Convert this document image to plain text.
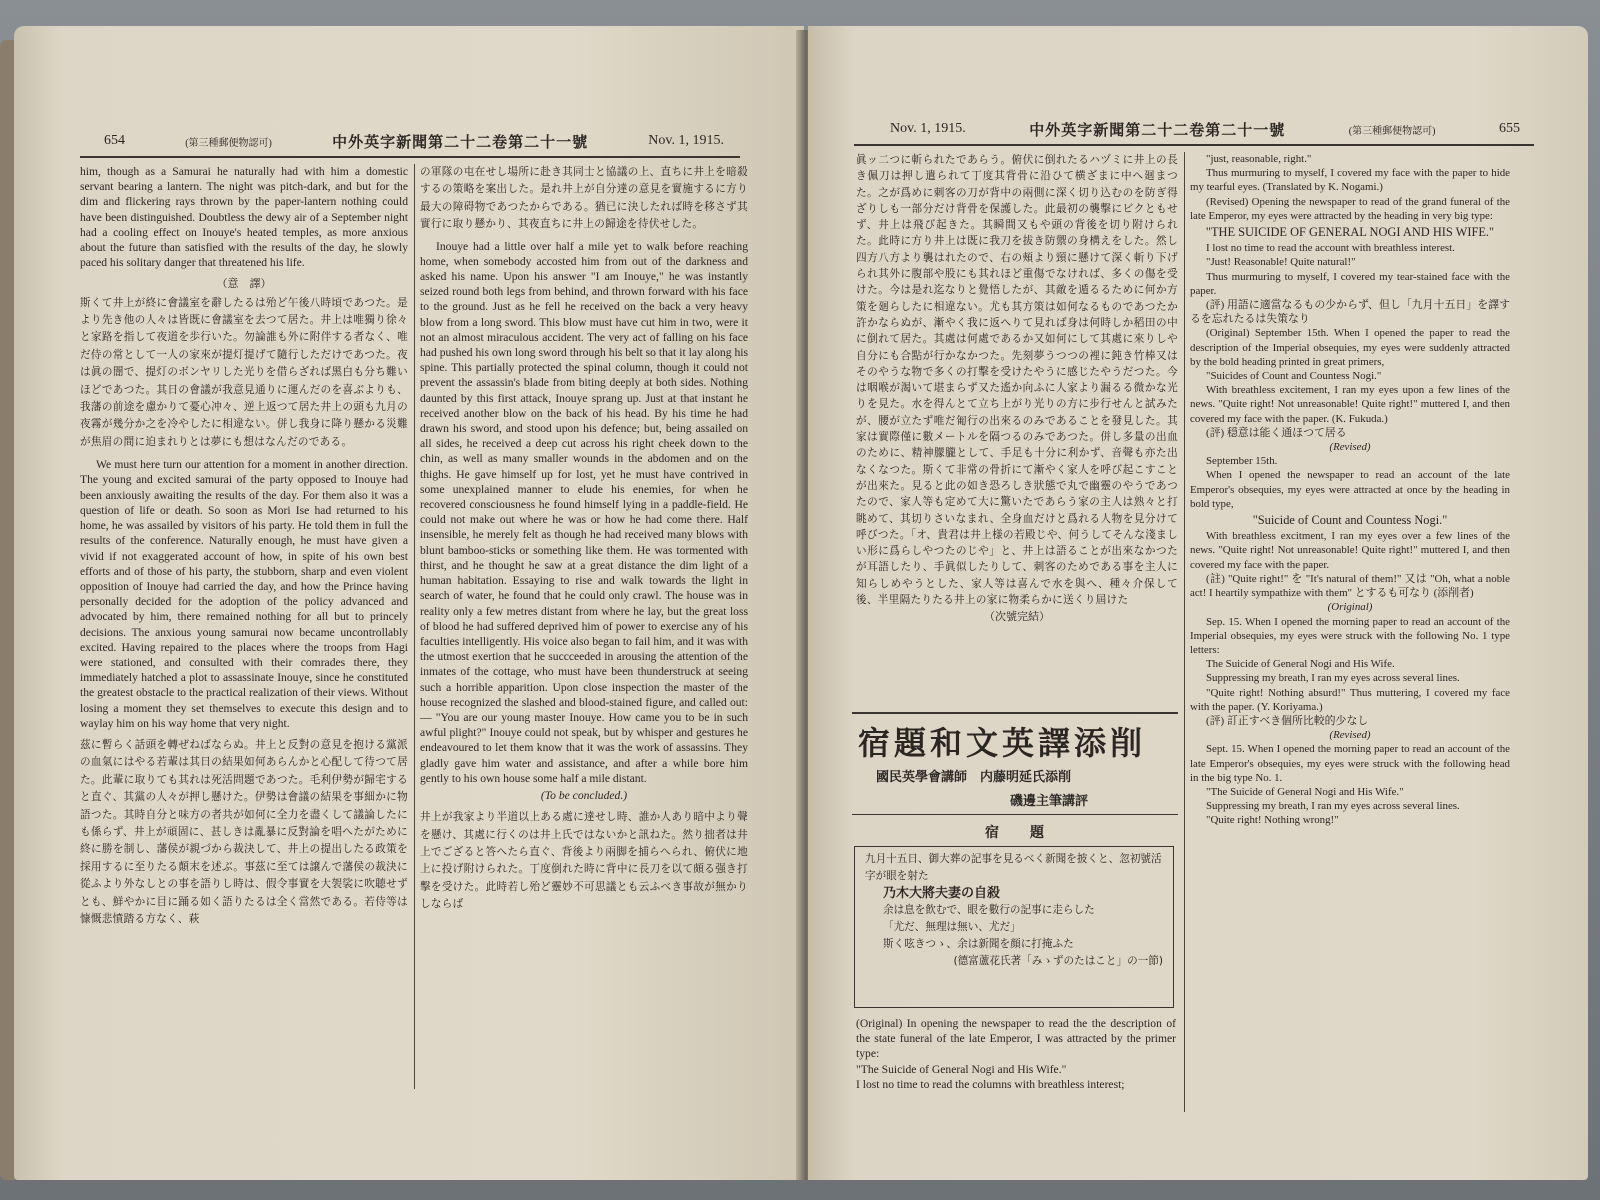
654	(第三種郵便物認可)	中外英字新聞第二十二卷第二十一號	Nov. 1, 1915.

him, though as a Samurai he naturally had with him a domestic servant bearing a lantern. The night was pitch-dark, and but for the dim and flickering rays thrown by the paper-lantern nothing could have been distinguished. Doubtless the dewy air of a September night had a cooling effect on Inouye's heated temples, as more anxious about the future than satisfied with the results of the day, he slowly paced his solitary danger that threatened his life.

（意　譯）
斯くて井上が終に會議室を辭したるは殆ど午後八時頃であつた。是より先き他の人々は皆既に會議室を去つて居た。井上は唯獨り徐々と家路を指して夜道を歩行いた。勿論誰も外に附伴する者なく、唯だ侍の常として一人の家來が提灯提げて隨行しただけであつた。夜は眞の闇で、提灯のボンヤリした光りを借らざれば黑白も分ち難いほどであつた。其日の會議が我意見通りに運んだのを喜ぶよりも、我藩の前途を慮かりて憂心冲々、逆上返つて居た井上の頭も九月の夜霧が幾分か之を冷やしたに相違ない。併し我身に降り懸かる災難が焦眉の間に迫まれりとは夢にも想はなんだのである。

We must here turn our attention for a moment in another direction. The young and excited samurai of the party opposed to Inouye had been anxiously awaiting the results of the day. For them also it was a question of life or death. So soon as Mori Ise had returned to his home, he was assailed by visitors of his party. He told them in full the results of the conference. Naturally enough, he must have given a vivid if not exaggerated account of how, in spite of his own best efforts and of those of his party, the stubborn, sharp and even violent opposition of Inouye had carried the day, and how the Prince having personally decided for the adoption of the policy advanced and advocated by him, there remained nothing for all but to princely decisions. The anxious young samurai now became uncontrollably excited. Having repaired to the places where the troops from Hagi were stationed, and consulted with their comrades there, they immediately hatched a plot to assassinate Inouye, since he constituted the greatest obstacle to the practical realization of their views. Without losing a moment they set themselves to execute this design and to waylay him on his way home that very night.

茲に暫らく話頭を轉ぜねばならぬ。井上と反對の意見を抱ける黨派の血氣にはやる若輩は其日の結果如何あらんかと心配して待つて居た。此輩に取りても其れは死活問題であつた。毛利伊勢が歸宅すると直ぐ、其黨の人々が押し懸けた。伊勢は會議の結果を事細かに物語つた。其時自分と味方の者共が如何に全力を盡くして議論したにも係らず、井上が頑固に、甚しきは亂暴に反對論を唱へたがために終に勝を制し、藩侯が親づから裁決して、井上の提出したる政策を採用するに至りたる顛末を述ぶ。事茲に至ては譲んで藩侯の裁決に從ふより外なしとの事を語りし時は、假令事實を大袈裟に吹聴せずとも、鮮やかに目に踊る如く語りたるは全く當然である。若侍等は慷慨悲憤踏る方なく、萩
の軍隊の屯在せし場所に赴き其同士と協議の上、直ちに井上を暗殺するの策略を案出した。是れ井上が自分達の意見を實施するに方り最大の障碍物であつたからである。猶已に決したれば時を移さず其實行に取り懸かり、其夜直ちに井上の歸途を待伏せした。

Inouye had a little over half a mile yet to walk before reaching home, when somebody accosted him from out of the darkness and asked his name. Upon his answer "I am Inouye," he was instantly seized round both legs from behind, and thrown forward with his face to the ground. Just as he fell he received on the back a very heavy blow from a long sword. This blow must have cut him in two, were it not an almost miraculous accident. The very act of falling on his face had pushed his own long sword through his belt so that it lay along his spine. This partially protected the spinal column, though it could not prevent the assassin's blade from biting deeply at both sides. Nothing daunted by this first attack, Inouye sprang up. Just at that instant he received another blow on the back of his head. By his time he had drawn his sword, and stood upon his defence; but, being assailed on all sides, he received a deep cut across his right cheek down to the chin, as well as many smaller wounds in the abdomen and on the thighs. He gave himself up for lost, yet he must have contrived in some unexplained manner to elude his enemies, for when he recovered consciousness he found himself lying in a paddle-field. He could not make out where he was or how he had come there. Half insensible, he merely felt as though he had received many blows with blunt bamboo-sticks or something like them. He was tormented with thirst, and he thought he saw at a great distance the dim light of a human habitation. Essaying to rise and walk towards the light in search of water, he found that he could only crawl. The house was in reality only a few metres distant from where he lay, but the great loss of blood he had suffered deprived him of power to exercise any of his faculties intelligently. His voice also began to fail him, and it was with the utmost exertion that he succceeded in arousing the attention of the inmates of the cottage, who must have been thunderstruck at seeing such a horrible apparition. Upon close inspection the master of the house recognized the slashed and blood-stained figure, and called out:— "You are our young master Inouye. How came you to be in such awful plight?" Inouye could not speak, but by whisper and gestures he endeavoured to let them know that it was the work of assassins. They gladly gave him water and assistance, and after a while bore him gently to his own house some half a mile distant.

(To be concluded.)
井上が我家より半道以上ある處に達せし時、誰か人あり暗中より聲を懸け、其處に行くのは井上氏ではないかと訊ねた。然り拙者は井上でござると答へたら直ぐ、背後より兩脚を捕らへられ、俯伏に地上に投げ附けられた。丁度倒れた時に背中に長刀を以て頗る强き打擊を受けた。此時若し殆ど靈妙不可思議とも云ふべき事故が無かりしならば
Nov. 1, 1915.	中外英字新聞第二十二卷第二十一號	(第三種郵便物認可)	655
眞ッ二つに斬られたであらう。俯伏に倒れたるハヅミに井上の長き佩刀は押し遣られて丁度其背骨に沿ひて横ざまに中へ廻まつた。之が爲めに刺客の刀が背中の兩側に深く切り込むのを防ぎ得ざりしも一部分だけ背骨を保護した。此最初の襲擊にビクともせず、井上は飛び起きた。其瞬間又もや頭の背後を切り附けられた。此時に方り井上は既に我刀を拔き防禦の身構えをした。然し四方八方より襲はれたので、右の頰より頸に懸けて深く斬り下げられ其外に腹部や股にも其れほど重傷でなければ、多くの傷を受けた。今は是れ迄なりと覺悟したが、其敵を遁るるために何か方策を廻らしたに相違ない。尤も其方策は如何なるものであつたか許かならぬが、漸やく我に返へりて見れば身は何時しか稻田の中に倒れて居た。其處は何處であるか又如何にして其處に來りしや自分にも合點が行かなかつた。先刻夢うつつの裡に鈍き竹棒又はそのやうな物で多くの打擊を受けたやうに感じたやうだつた。今は咽喉が渴いて堪まらず又た遙か向ふに人家より漏るる微かな光りを見た。水を得んとて立ち上がり光りの方に步行せんと試みたが、腰が立たず唯だ匍行の出來るのみであることを發見した。其家は實際僅に數メートルを隔つるのみであつた。併し多量の出血のために、精神朦朧として、手足も十分に利かず、音聲も亦た出なくなつた。斯くて非常の骨折にて漸やく家人を呼び起こすことが出來た。見ると此の如き恐ろしき狀態で丸で幽靈のやうであつたので、家人等も定めて大に驚いたであらう家の主人は熟々と打眺めて、其切りさいなまれ、全身血だけと爲れる人物を見分けて呼びつた。「オ、貴君は井上様の若殿じや、何うしてそんな淺ましい形に爲らしやつたのじや」と、井上は語ることが出來なかつたが耳語したり、手眞似したりして、刺客のためである事を主人に知らしめやうとした、家人等は喜んで水を與へ、種々介保して後、半里隔たりたる井上の家に物柔らかに送くり屆けた
（次號完結）
宿題和文英譯添削
國民英學會講師　内藤明延氏添削
磯邊主筆講評
宿　　題
九月十五日、御大葬の記事を見るべく新聞を披くと、忽初號活字が眼を射た
乃木大將夫妻の自殺
余は息を飲むで、眼を數行の記事に走らした
「尤だ、無理は無い、尤だ」
斯く呟きつゝ、余は新聞を顔に打掩ふた
(德富蘆花氏著「みゝずのたはこと」の一節)
(Original) In opening the newspaper to read the the description of the state funeral of the late Emperor, I was attracted by the primer type:
"The Suicide of General Nogi and His Wife."
I lost no time to read the columns with breathless interest;

"just, reasonable, right."

Thus murmuring to myself, I covered my face with the paper to hide my tearful eyes. (Translated by K. Nogami.)

(Revised) Opening the newspaper to read of the grand funeral of the late Emperor, my eyes were attracted by the heading in very big type:

"THE SUICIDE OF GENERAL NOGI AND HIS WIFE."

I lost no time to read the account with breathless interest.

"Just! Reasonable! Quite natural!"

Thus murmuring to myself, I covered my tear-stained face with the paper.

(評) 用語に適當なるもの少からず、但し「九月十五日」を譯するを忘れたるは失策なり

(Original) September 15th. When I opened the paper to read the description of the Imperial obsequies, my eyes were suddenly attracted by the bold heading printed in great primers,

"Suicides of Count and Countess Nogi."

With breathless excitement, I ran my eyes upon a few lines of the news. "Quite right! Not unreasonable! Quite right!" muttered I, and then covered my face with the paper. (K. Fukuda.)

(評) 穏意は能く通ほつて居る

(Revised)

September 15th.

When I opened the newspaper to read an account of the late Emperor's obsequies, my eyes were attracted at once by the heading in bold type,

"Suicide of Count and Countess Nogi."

With breathless excitment, I ran my eyes over a few lines of the news. "Quite right! Not unreasonable! Quite right!" muttered I, and then covered my face with the paper.

(註) "Quite right!" を "It's natural of them!" 又は "Oh, what a noble act! I heartily sympathize with them" とするも可なり (添削者)

(Original)

Sep. 15. When I opened the morning paper to read an account of the Imperial obsequies, my eyes were struck with the following No. 1 type letters:

The Suicide of General Nogi and His Wife.

Suppressing my breath, I ran my eyes across several lines.

"Quite right! Nothing absurd!" Thus muttering, I covered my face with the paper. (Y. Koriyama.)

(評) 訂正すべき個所比較的少なし

(Revised)

Sept. 15. When I opened the morning paper to read an account of the late Emperor's obsequies, my eyes were struck with the following head in the big type No. 1.

"The Suicide of General Nogi and His Wife."

Suppressing my breath, I ran my eyes across several lines.

"Quite right! Nothing wrong!"
